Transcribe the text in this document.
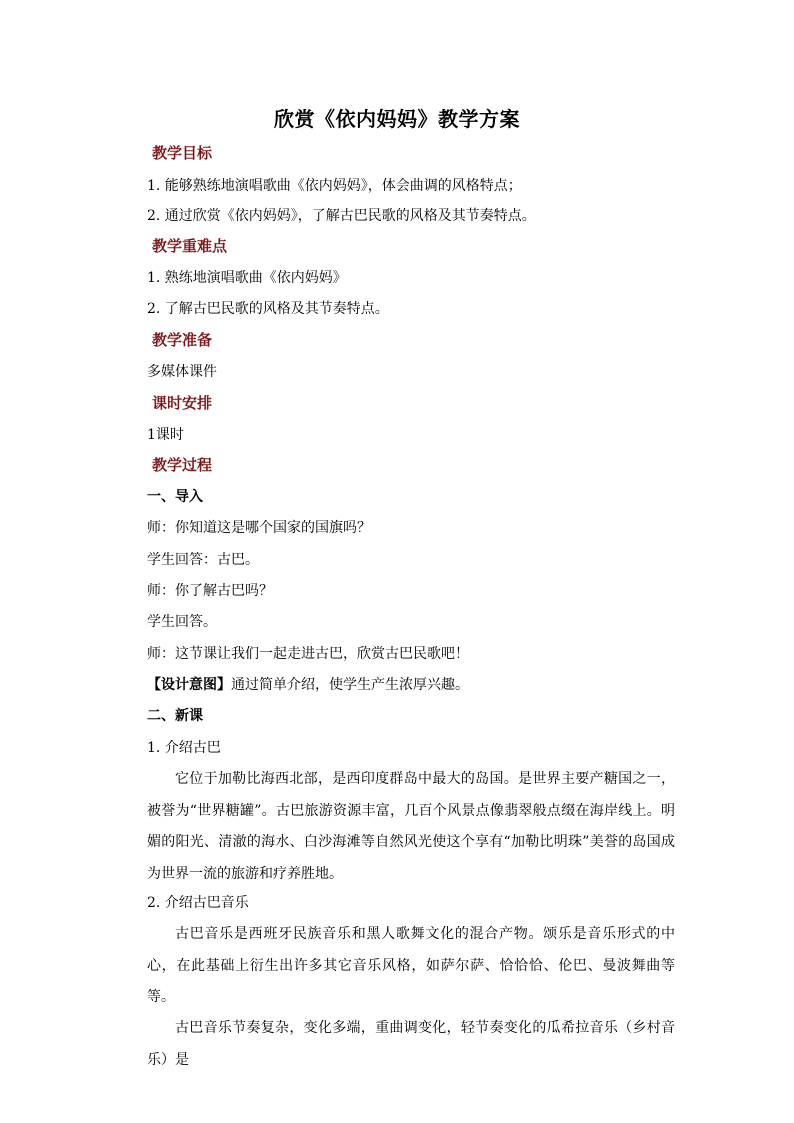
欣赏《依内妈妈》教学方案
教学目标
1. 能够熟练地演唱歌曲《依内妈妈》，体会曲调的风格特点；
2. 通过欣赏《依内妈妈》，了解古巴民歌的风格及其节奏特点。
教学重难点
1. 熟练地演唱歌曲《依内妈妈》
2. 了解古巴民歌的风格及其节奏特点。
教学准备
多媒体课件
课时安排
1课时
教学过程
一、导入
师：你知道这是哪个国家的国旗吗？
学生回答：古巴。
师：你了解古巴吗？
学生回答。
师：这节课让我们一起走进古巴，欣赏古巴民歌吧！
【设计意图】通过简单介绍，使学生产生浓厚兴趣。
二、新课
1. 介绍古巴
它位于加勒比海西北部，是西印度群岛中最大的岛国。是世界主要产糖国之一，被誉为“世界糖罐”。古巴旅游资源丰富，几百个风景点像翡翠般点缀在海岸线上。明媚的阳光、清澈的海水、白沙海滩等自然风光使这个享有“加勒比明珠”美誉的岛国成为世界一流的旅游和疗养胜地。
2. 介绍古巴音乐
古巴音乐是西班牙民族音乐和黑人歌舞文化的混合产物。颂乐是音乐形式的中心，在此基础上衍生出许多其它音乐风格，如萨尔萨、恰恰恰、伦巴、曼波舞曲等等。
古巴音乐节奏复杂，变化多端，重曲调变化，轻节奏变化的瓜希拉音乐（乡村音乐）是
